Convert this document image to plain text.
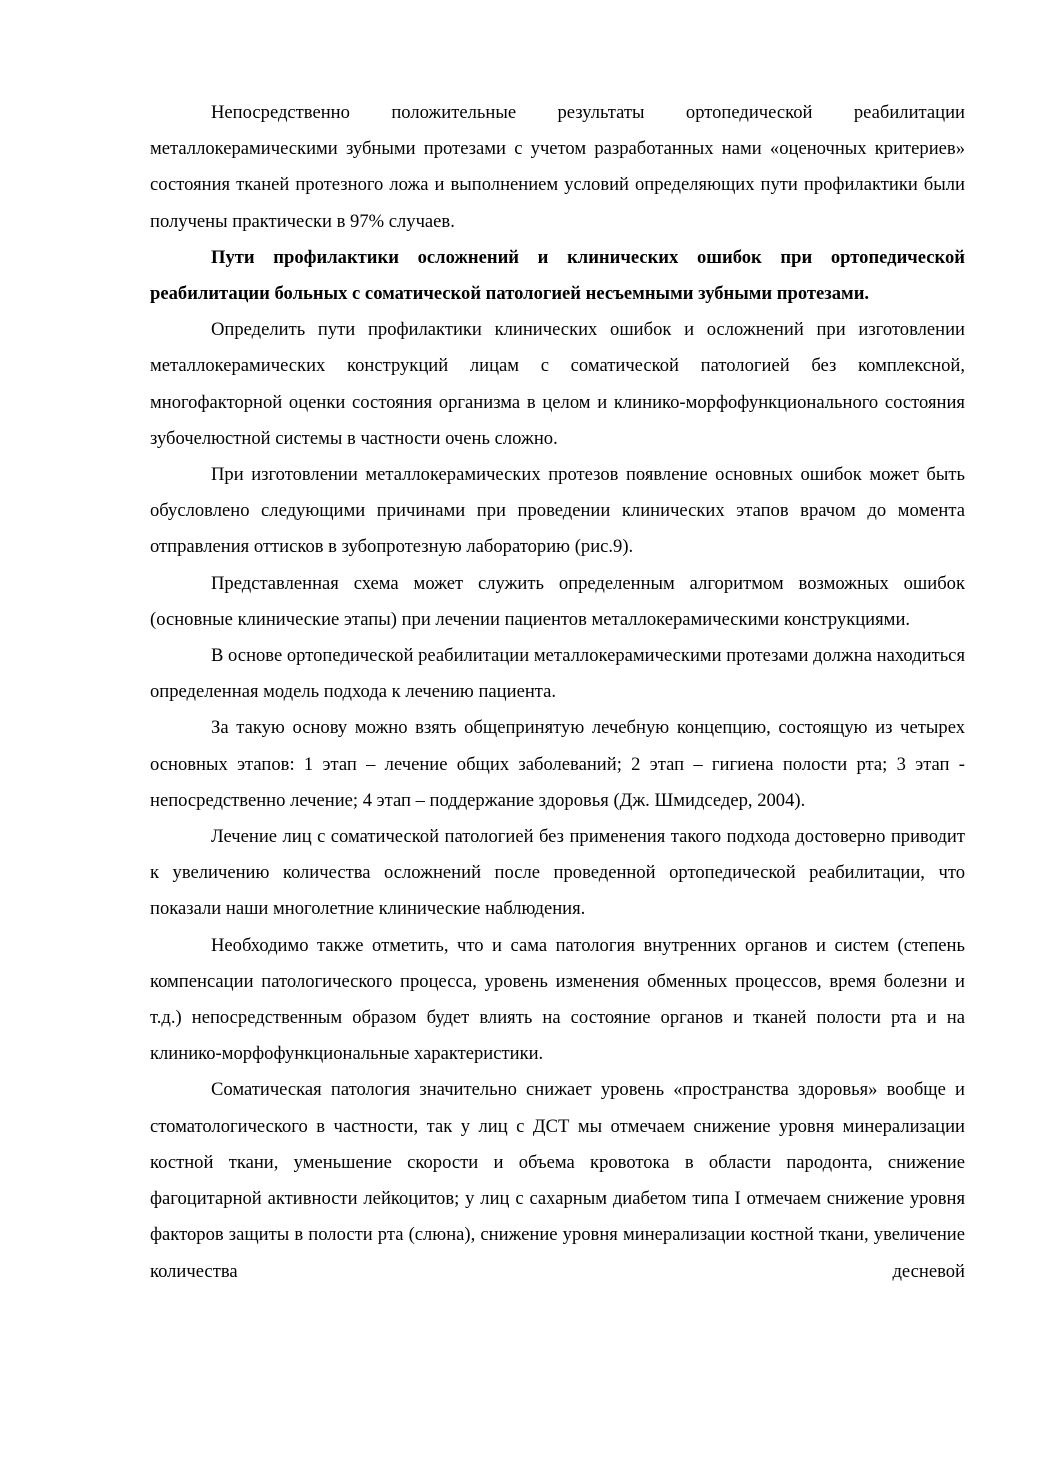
Непосредственно положительные результаты ортопедической реабилитации металлокерамическими зубными протезами с учетом разработанных нами «оценочных критериев» состояния тканей протезного ложа и выполнением условий определяющих пути профилактики были получены практически в 97% случаев.

Пути профилактики осложнений и клинических ошибок при ортопедической реабилитации больных с соматической патологией несъемными зубными протезами.

Определить пути профилактики клинических ошибок и осложнений при изготовлении металлокерамических конструкций лицам с соматической патологией без комплексной, многофакторной оценки состояния организма в целом и клинико-морфофункционального состояния зубочелюстной системы в частности очень сложно.

При изготовлении металлокерамических протезов появление основных ошибок может быть обусловлено следующими причинами при проведении клинических этапов врачом до момента отправления оттисков в зубопротезную лабораторию (рис.9).

Представленная схема может служить определенным алгоритмом возможных ошибок (основные клинические этапы) при лечении пациентов металлокерамическими конструкциями.

В основе ортопедической реабилитации металлокерамическими протезами должна находиться определенная модель подхода к лечению пациента.

За такую основу можно взять общепринятую лечебную концепцию, состоящую из четырех основных этапов: 1 этап – лечение общих заболеваний; 2 этап – гигиена полости рта; 3 этап - непосредственно лечение; 4 этап – поддержание здоровья (Дж. Шмидседер, 2004).

Лечение лиц с соматической патологией без применения такого подхода достоверно приводит к увеличению количества осложнений после проведенной ортопедической реабилитации, что показали наши многолетние клинические наблюдения.

Необходимо также отметить, что и сама патология внутренних органов и систем (степень компенсации патологического процесса, уровень изменения обменных процессов, время болезни и т.д.) непосредственным образом будет влиять на состояние органов и тканей полости рта и на клинико-морфофункциональные характеристики.

Соматическая патология значительно снижает уровень «пространства здоровья» вообще и стоматологического в частности, так у лиц с ДСТ мы отмечаем снижение уровня минерализации костной ткани, уменьшение скорости и объема кровотока в области пародонта, снижение фагоцитарной активности лейкоцитов; у лиц с сахарным диабетом типа I отмечаем снижение уровня факторов защиты в полости рта (слюна), снижение уровня минерализации костной ткани, увеличение количества десневой
